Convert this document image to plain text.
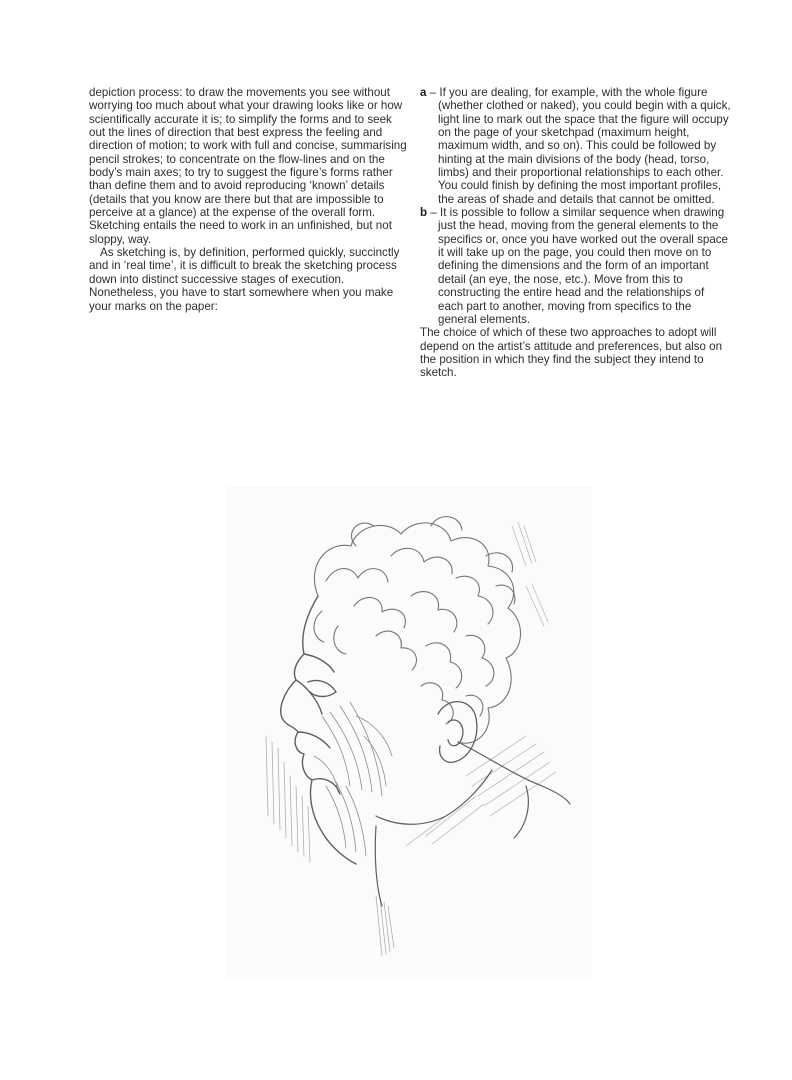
depiction process: to draw the movements you see without worrying too much about what your drawing looks like or how scientifically accurate it is; to simplify the forms and to seek out the lines of direction that best express the feeling and direction of motion; to work with full and concise, summarising pencil strokes; to concentrate on the flow-lines and on the body’s main axes; to try to suggest the figure’s forms rather than define them and to avoid reproducing ‘known’ details (details that you know are there but that are impossible to perceive at a glance) at the expense of the overall form. Sketching entails the need to work in an unfinished, but not sloppy, way.

As sketching is, by definition, performed quickly, succinctly and in ‘real time’, it is difficult to break the sketching process down into distinct successive stages of execution. Nonetheless, you have to start somewhere when you make your marks on the paper:

a – If you are dealing, for example, with the whole figure (whether clothed or naked), you could begin with a quick, light line to mark out the space that the figure will occupy on the page of your sketchpad (maximum height, maximum width, and so on). This could be followed by hinting at the main divisions of the body (head, torso, limbs) and their proportional relationships to each other. You could finish by defining the most important profiles, the areas of shade and details that cannot be omitted.

b – It is possible to follow a similar sequence when drawing just the head, moving from the general elements to the specifics or, once you have worked out the overall space it will take up on the page, you could then move on to defining the dimensions and the form of an important detail (an eye, the nose, etc.). Move from this to constructing the entire head and the relationships of each part to another, moving from specifics to the general elements.

The choice of which of these two approaches to adopt will depend on the artist’s attitude and preferences, but also on the position in which they find the subject they intend to sketch.
